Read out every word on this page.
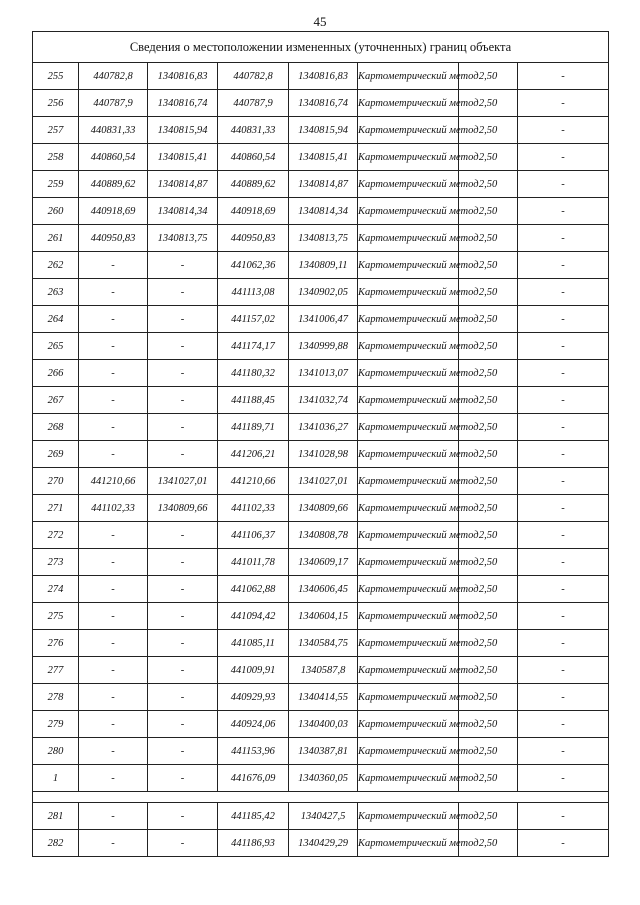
45
Сведения о местоположении измененных (уточненных) границ объекта							
255	440782,8	1340816,83	440782,8	1340816,83	Картометрический метод	2,50	-
256	440787,9	1340816,74	440787,9	1340816,74	Картометрический метод	2,50	-
257	440831,33	1340815,94	440831,33	1340815,94	Картометрический метод	2,50	-
258	440860,54	1340815,41	440860,54	1340815,41	Картометрический метод	2,50	-
259	440889,62	1340814,87	440889,62	1340814,87	Картометрический метод	2,50	-
260	440918,69	1340814,34	440918,69	1340814,34	Картометрический метод	2,50	-
261	440950,83	1340813,75	440950,83	1340813,75	Картометрический метод	2,50	-
262	-	-	441062,36	1340809,11	Картометрический метод	2,50	-
263	-	-	441113,08	1340902,05	Картометрический метод	2,50	-
264	-	-	441157,02	1341006,47	Картометрический метод	2,50	-
265	-	-	441174,17	1340999,88	Картометрический метод	2,50	-
266	-	-	441180,32	1341013,07	Картометрический метод	2,50	-
267	-	-	441188,45	1341032,74	Картометрический метод	2,50	-
268	-	-	441189,71	1341036,27	Картометрический метод	2,50	-
269	-	-	441206,21	1341028,98	Картометрический метод	2,50	-
270	441210,66	1341027,01	441210,66	1341027,01	Картометрический метод	2,50	-
271	441102,33	1340809,66	441102,33	1340809,66	Картометрический метод	2,50	-
272	-	-	441106,37	1340808,78	Картометрический метод	2,50	-
273	-	-	441011,78	1340609,17	Картометрический метод	2,50	-
274	-	-	441062,88	1340606,45	Картометрический метод	2,50	-
275	-	-	441094,42	1340604,15	Картометрический метод	2,50	-
276	-	-	441085,11	1340584,75	Картометрический метод	2,50	-
277	-	-	441009,91	1340587,8	Картометрический метод	2,50	-
278	-	-	440929,93	1340414,55	Картометрический метод	2,50	-
279	-	-	440924,06	1340400,03	Картометрический метод	2,50	-
280	-	-	441153,96	1340387,81	Картометрический метод	2,50	-
1	-	-	441676,09	1340360,05	Картометрический метод	2,50	-

281	-	-	441185,42	1340427,5	Картометрический метод	2,50	-
282	-	-	441186,93	1340429,29	Картометрический метод	2,50	-
